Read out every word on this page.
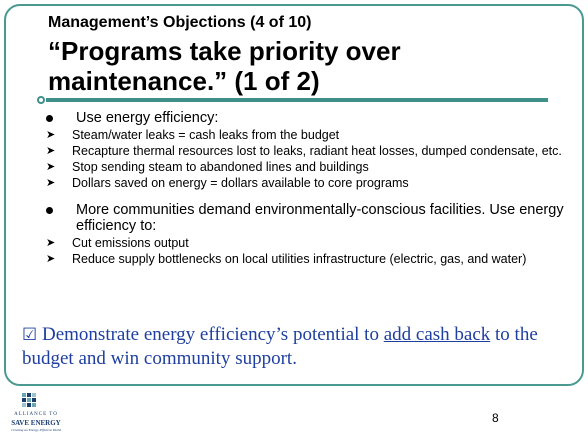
Management’s Objections (4 of 10)
“Programs take priority over maintenance.” (1 of 2)
Use energy efficiency:
➤ Steam/water leaks = cash leaks from the budget
➤ Recapture thermal resources lost to leaks, radiant heat losses, dumped condensate, etc.
➤ Stop sending steam to abandoned lines and buildings
➤ Dollars saved on energy = dollars available to core programs
More communities demand environmentally-conscious facilities. Use energy efficiency to:
➤ Cut emissions output
➤ Reduce supply bottlenecks on local utilities infrastructure (electric, gas, and water)
☑ Demonstrate energy efficiency’s potential to add cash back to the budget and win community support.
ALLIANCE TO
SAVE ENERGY
Creating an Energy-Efficient World
8
